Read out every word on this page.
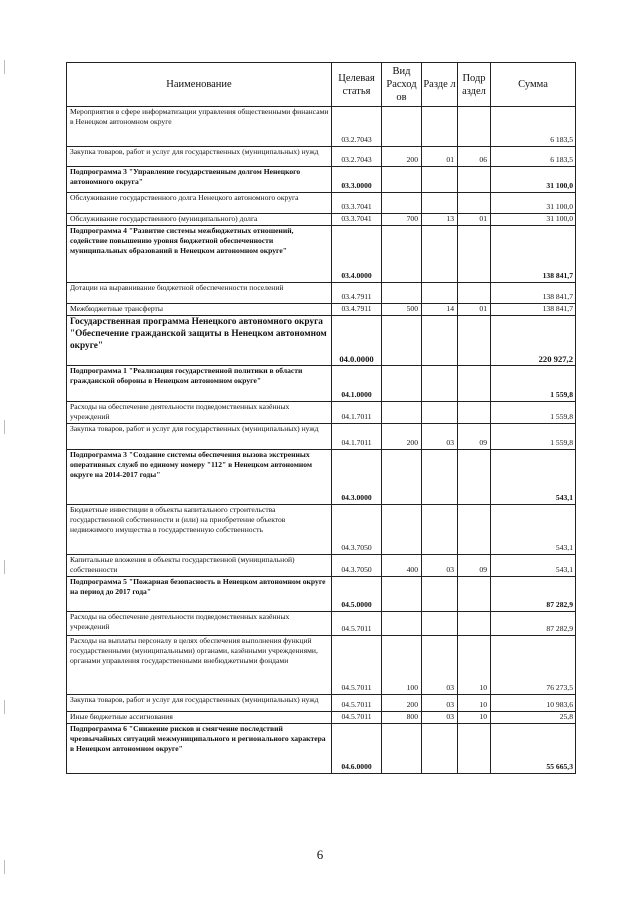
Наименование	Целевая статья	Вид Расход ов	Разде л	Подр аздел	Сумма
Мероприятия в сфере информатизации управления общественными финансами в Ненецком автономном округе	03.2.7043				6 183,5
Закупка товаров, работ и услуг для государственных (муниципальных) нужд	03.2.7043	200	01	06	6 183,5
Подпрограмма 3 "Управление государственным долгом Ненецкого автономного округа"	03.3.0000				31 100,0
Обслуживание государственного долга Ненецкого автономного округа	03.3.7041				31 100,0
Обслуживание государственного (муниципального) долга	03.3.7041	700	13	01	31 100,0
Подпрограмма 4 "Развитие системы межбюджетных отношений, содействие повышению уровня бюджетной обеспеченности муниципальных образований в Ненецком автономном округе"	03.4.0000				138 841,7
Дотации на выравнивание бюджетной обеспеченности поселений	03.4.7911				138 841,7
Межбюджетные трансферты	03.4.7911	500	14	01	138 841,7
Государственная программа Ненецкого автономного округа "Обеспечение гражданской защиты в Ненецком автономном округе"	04.0.0000				220 927,2
Подпрограмма 1 "Реализация государственной политики в области гражданской обороны в Ненецком автономном округе"	04.1.0000				1 559,8
Расходы на обеспечение деятельности подведомственных казённых учреждений	04.1.7011				1 559,8
Закупка товаров, работ и услуг для государственных (муниципальных) нужд	04.1.7011	200	03	09	1 559,8
Подпрограмма 3 "Создание системы обеспечения вызова экстренных оперативных служб по единому номеру "112" в Ненецком автономном округе на 2014-2017 годы"	04.3.0000				543,1
Бюджетные инвестиции в объекты капитального строительства государственной собственности и (или) на приобретение объектов недвижимого имущества в государственную собственность	04.3.7050				543,1
Капитальные вложения в объекты государственной (муниципальной) собственности	04.3.7050	400	03	09	543,1
Подпрограмма 5 "Пожарная безопасность в Ненецком автономном округе на период до 2017 года"	04.5.0000				87 282,9
Расходы на обеспечение деятельности подведомственных казённых учреждений	04.5.7011				87 282,9
Расходы на выплаты персоналу в целях обеспечения выполнения функций государственными (муниципальными) органами, казёнными учреждениями, органами управления государственными внебюджетными фондами	04.5.7011	100	03	10	76 273,5
Закупка товаров, работ и услуг для государственных (муниципальных) нужд	04.5.7011	200	03	10	10 983,6
Иные бюджетные ассигнования	04.5.7011	800	03	10	25,8
Подпрограмма 6 "Снижение рисков и смягчение последствий чрезвычайных ситуаций межмуниципального и регионального характера в Ненецком автономном округе"	04.6.0000				55 665,3
6
